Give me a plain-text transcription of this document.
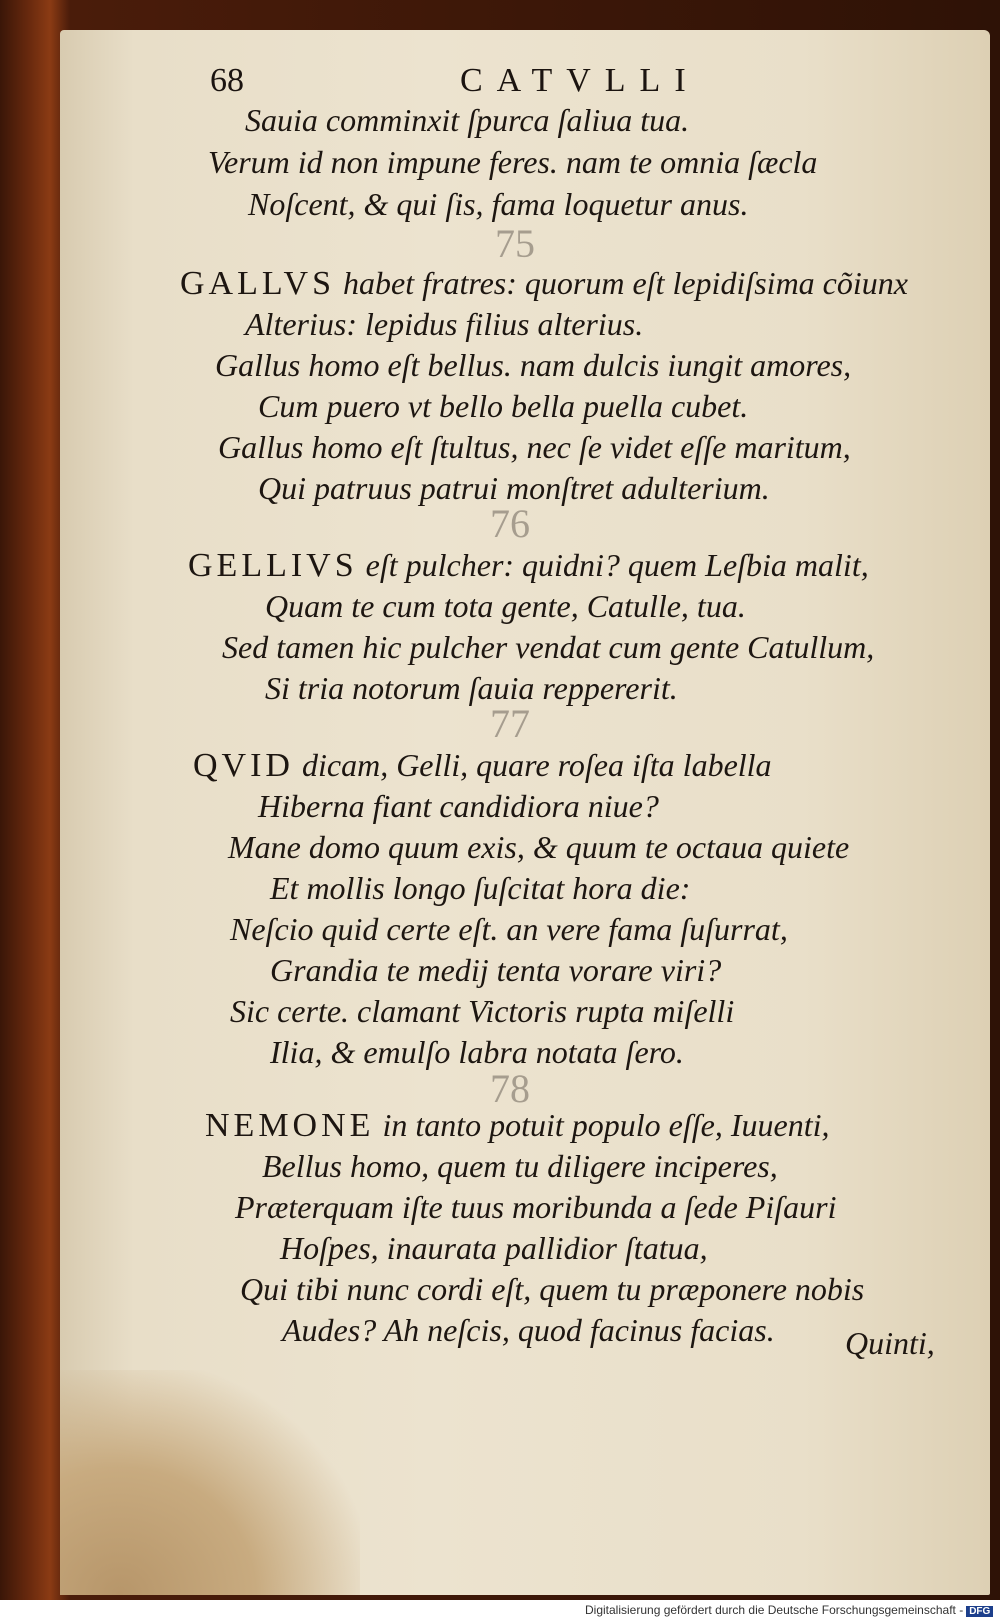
68	CATVLLI
Sauia comminxit ſpurca ſaliua tua.
Verum id non impune feres. nam te omnia ſæcla
Noſcent, & qui ſis, fama loquetur anus.
75
GALLVS habet fratres: quorum eſt lepidiſsima cõiunx
Alterius: lepidus filius alterius.
Gallus homo eſt bellus. nam dulcis iungit amores,
Cum puero vt bello bella puella cubet.
Gallus homo eſt ſtultus, nec ſe videt eſſe maritum,
Qui patruus patrui monſtret adulterium.
76
GELLIVS eſt pulcher: quidni? quem Leſbia malit,
Quam te cum tota gente, Catulle, tua.
Sed tamen hic pulcher vendat cum gente Catullum,
Si tria notorum ſauia reppererit.
77
QVID dicam, Gelli, quare roſea iſta labella
Hiberna fiant candidiora niue?
Mane domo quum exis, & quum te octaua quiete
Et mollis longo ſuſcitat hora die:
Neſcio quid certe eſt. an vere fama ſuſurrat,
Grandia te medij tenta vorare viri?
Sic certe. clamant Victoris rupta miſelli
Ilia, & emulſo labra notata ſero.
78
NEMONE in tanto potuit populo eſſe, Iuuenti,
Bellus homo, quem tu diligere inciperes,
Præterquam iſte tuus moribunda a ſede Piſauri
Hoſpes, inaurata pallidior ſtatua,
Qui tibi nunc cordi eſt, quem tu præponere nobis
Audes? Ah neſcis, quod facinus facias. Quinti,
Digitalisierung gefördert durch die Deutsche Forschungsgemeinschaft - DFG
